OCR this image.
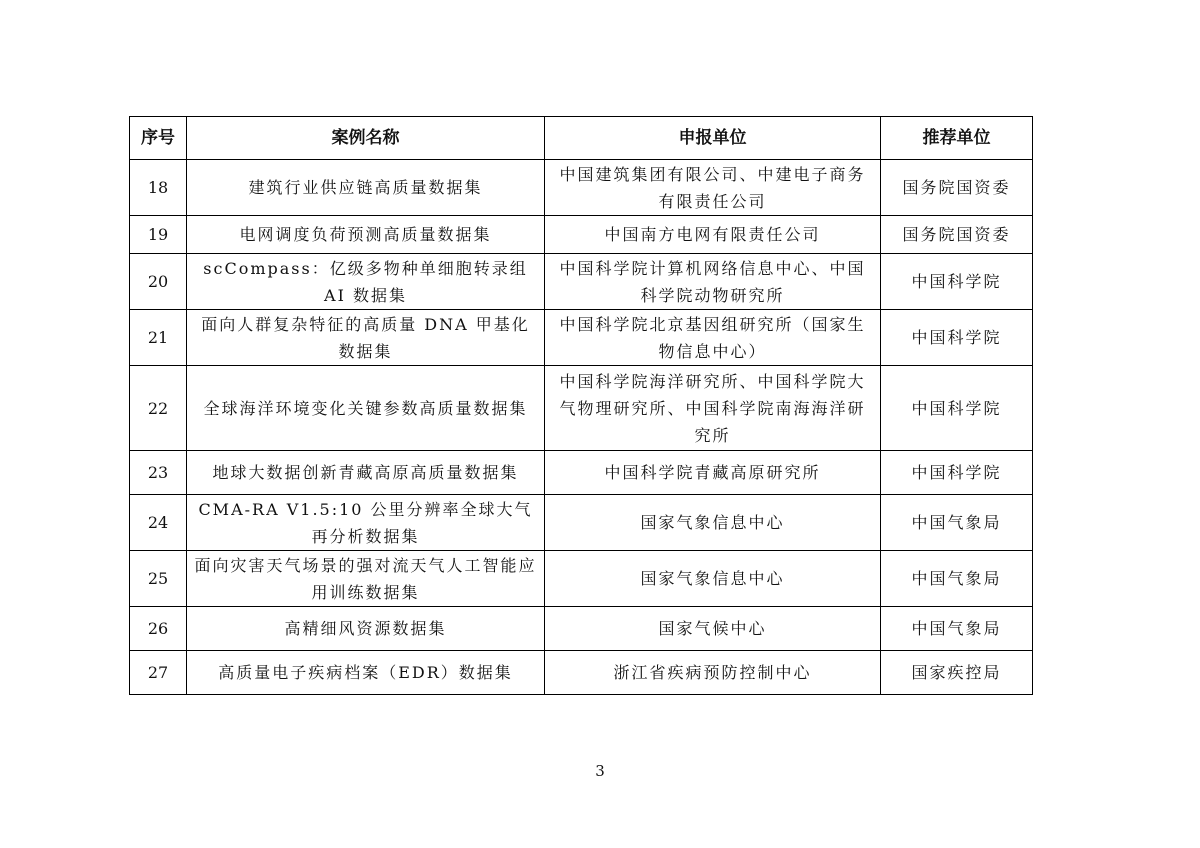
序号	案例名称	申报单位	推荐单位
18	建筑行业供应链高质量数据集	中国建筑集团有限公司、中建电子商务有限责任公司	国务院国资委
19	电网调度负荷预测高质量数据集	中国南方电网有限责任公司	国务院国资委
20	scCompass：亿级多物种单细胞转录组 AI 数据集	中国科学院计算机网络信息中心、中国科学院动物研究所	中国科学院
21	面向人群复杂特征的高质量 DNA 甲基化数据集	中国科学院北京基因组研究所（国家生物信息中心）	中国科学院
22	全球海洋环境变化关键参数高质量数据集	中国科学院海洋研究所、中国科学院大气物理研究所、中国科学院南海海洋研究所	中国科学院
23	地球大数据创新青藏高原高质量数据集	中国科学院青藏高原研究所	中国科学院
24	CMA-RA V1.5:10 公里分辨率全球大气再分析数据集	国家气象信息中心	中国气象局
25	面向灾害天气场景的强对流天气人工智能应用训练数据集	国家气象信息中心	中国气象局
26	高精细风资源数据集	国家气候中心	中国气象局
27	高质量电子疾病档案（EDR）数据集	浙江省疾病预防控制中心	国家疾控局
3
